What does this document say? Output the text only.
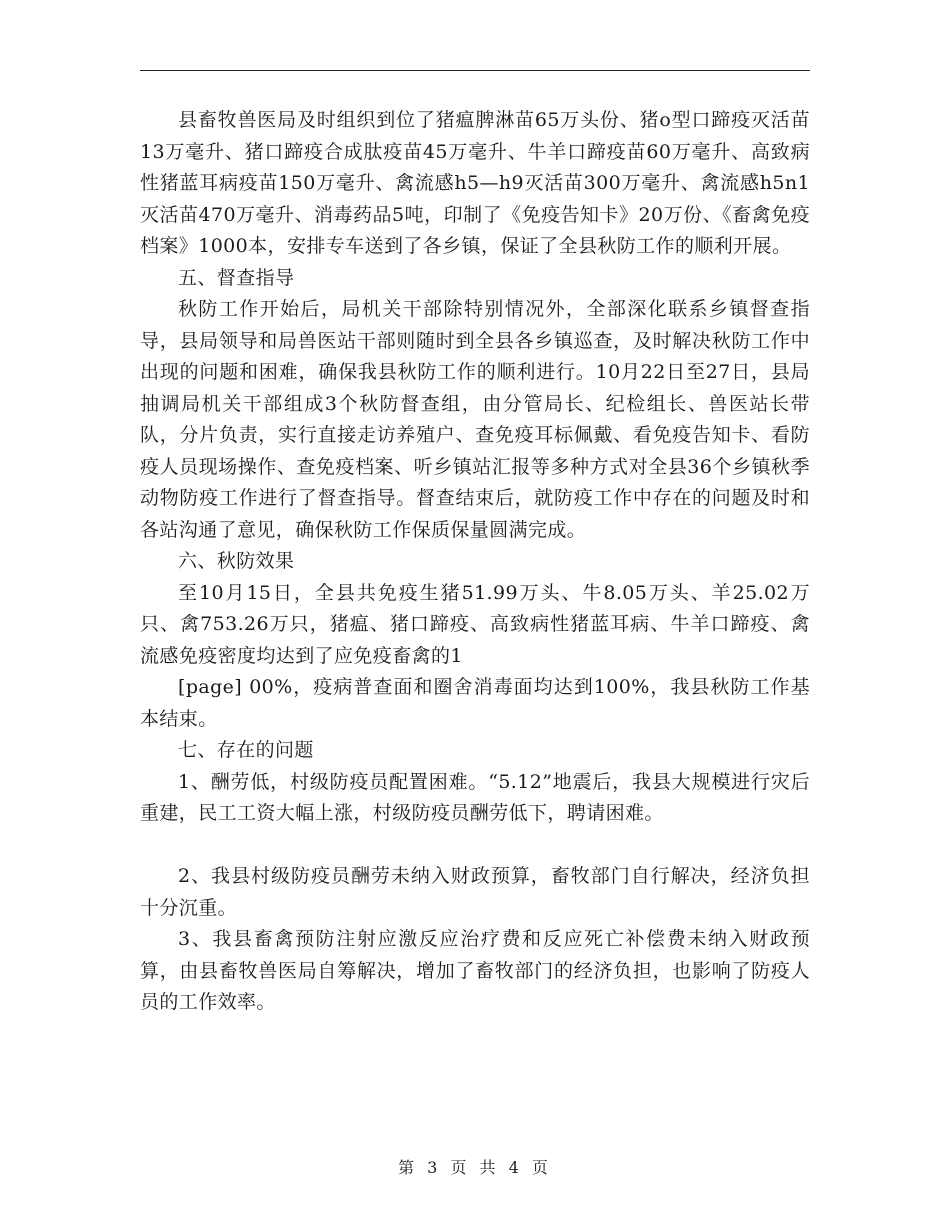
县畜牧兽医局及时组织到位了猪瘟脾淋苗65万头份、猪o型口蹄疫灭活苗13万毫升、猪口蹄疫合成肽疫苗45万毫升、牛羊口蹄疫苗60万毫升、高致病性猪蓝耳病疫苗150万毫升、禽流感h5—h9灭活苗300万毫升、禽流感h5n1灭活苗470万毫升、消毒药品5吨，印制了《免疫告知卡》20万份、《畜禽免疫档案》1000本，安排专车送到了各乡镇，保证了全县秋防工作的顺利开展。

五、督查指导

秋防工作开始后，局机关干部除特别情况外，全部深化联系乡镇督查指导，县局领导和局兽医站干部则随时到全县各乡镇巡查，及时解决秋防工作中出现的问题和困难，确保我县秋防工作的顺利进行。10月22日至27日，县局抽调局机关干部组成3个秋防督查组，由分管局长、纪检组长、兽医站长带队，分片负责，实行直接走访养殖户、查免疫耳标佩戴、看免疫告知卡、看防疫人员现场操作、查免疫档案、听乡镇站汇报等多种方式对全县36个乡镇秋季动物防疫工作进行了督查指导。督查结束后，就防疫工作中存在的问题及时和各站沟通了意见，确保秋防工作保质保量圆满完成。

六、秋防效果

至10月15日，全县共免疫生猪51.99万头、牛8.05万头、羊25.02万只、禽753.26万只，猪瘟、猪口蹄疫、高致病性猪蓝耳病、牛羊口蹄疫、禽流感免疫密度均达到了应免疫畜禽的1

[page] 00%，疫病普查面和圈舍消毒面均达到100%，我县秋防工作基本结束。

七、存在的问题

1、酬劳低，村级防疫员配置困难。“5.12”地震后，我县大规模进行灾后重建，民工工资大幅上涨，村级防疫员酬劳低下，聘请困难。

2、我县村级防疫员酬劳未纳入财政预算，畜牧部门自行解决，经济负担十分沉重。

3、我县畜禽预防注射应激反应治疗费和反应死亡补偿费未纳入财政预算，由县畜牧兽医局自筹解决，增加了畜牧部门的经济负担，也影响了防疫人员的工作效率。

第 3 页 共 4 页
